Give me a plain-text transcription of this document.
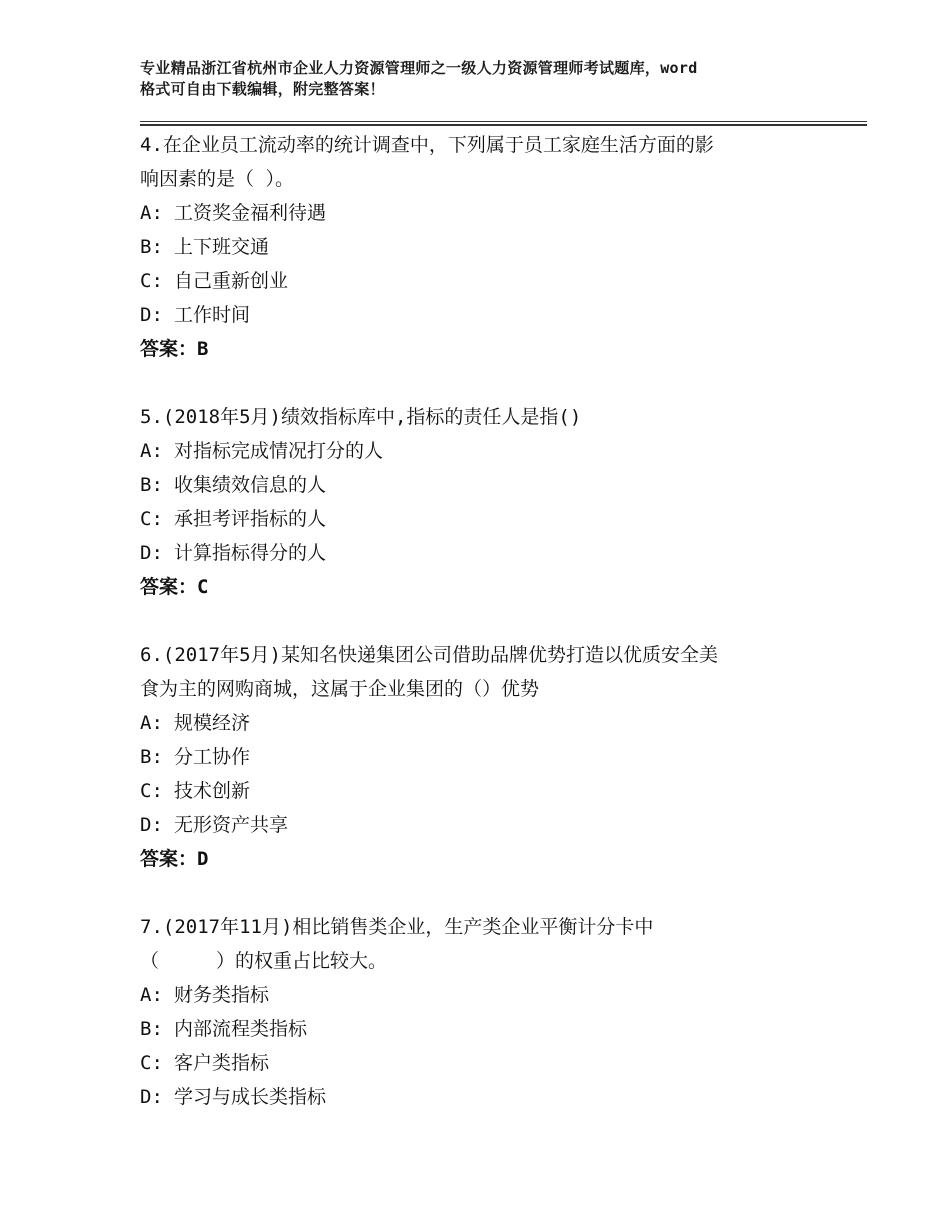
专业精品浙江省杭州市企业人力资源管理师之一级人力资源管理师考试题库，word
格式可自由下载编辑，附完整答案！
4.在企业员工流动率的统计调查中，下列属于员工家庭生活方面的影
响因素的是（ ）。
A: 工资奖金福利待遇
B: 上下班交通
C: 自己重新创业
D: 工作时间
答案：B
5.(2018年5月)绩效指标库中,指标的责任人是指()
A: 对指标完成情况打分的人
B: 收集绩效信息的人
C: 承担考评指标的人
D: 计算指标得分的人
答案：C
6.(2017年5月)某知名快递集团公司借助品牌优势打造以优质安全美
食为主的网购商城，这属于企业集团的（）优势
A: 规模经济
B: 分工协作
C: 技术创新
D: 无形资产共享
答案：D
7.(2017年11月)相比销售类企业，生产类企业平衡计分卡中
（　　　）的权重占比较大。
A: 财务类指标
B: 内部流程类指标
C: 客户类指标
D: 学习与成长类指标
